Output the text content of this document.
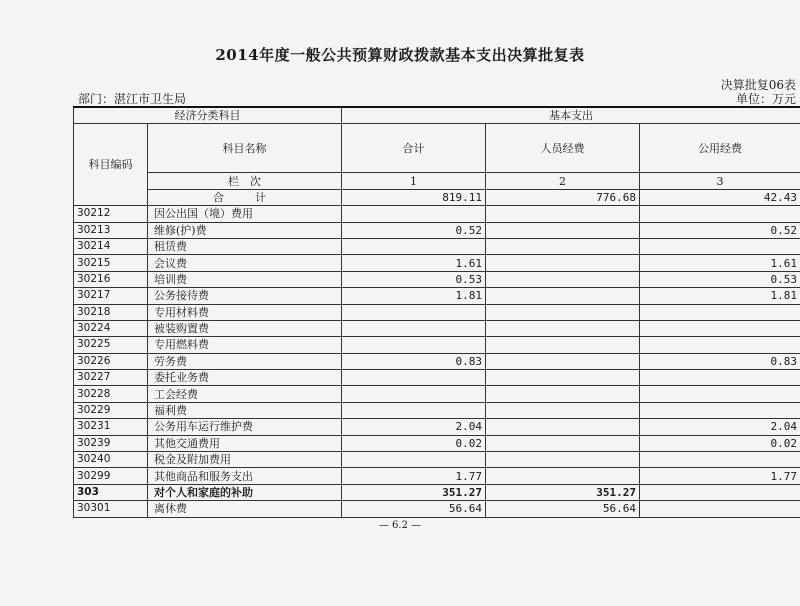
2014年度一般公共预算财政拨款基本支出决算批复表
决算批复06表
单位：万元
部门：湛江市卫生局
经济分类科目		基本支出		
科目编码	科目名称	合计	人员经费	公用经费
	栏　次	1	2	3
	合　计	819.11	776.68	42.43
30212	因公出国（境）费用			
30213	维修(护)费	0.52		0.52
30214	租赁费			
30215	会议费	1.61		1.61
30216	培训费	0.53		0.53
30217	公务接待费	1.81		1.81
30218	专用材料费			
30224	被装购置费			
30225	专用燃料费			
30226	劳务费	0.83		0.83
30227	委托业务费			
30228	工会经费			
30229	福利费			
30231	公务用车运行维护费	2.04		2.04
30239	其他交通费用	0.02		0.02
30240	税金及附加费用			
30299	其他商品和服务支出	1.77		1.77
303	对个人和家庭的补助	351.27	351.27	
30301	离休费	56.64	56.64	
— 6.2 —
